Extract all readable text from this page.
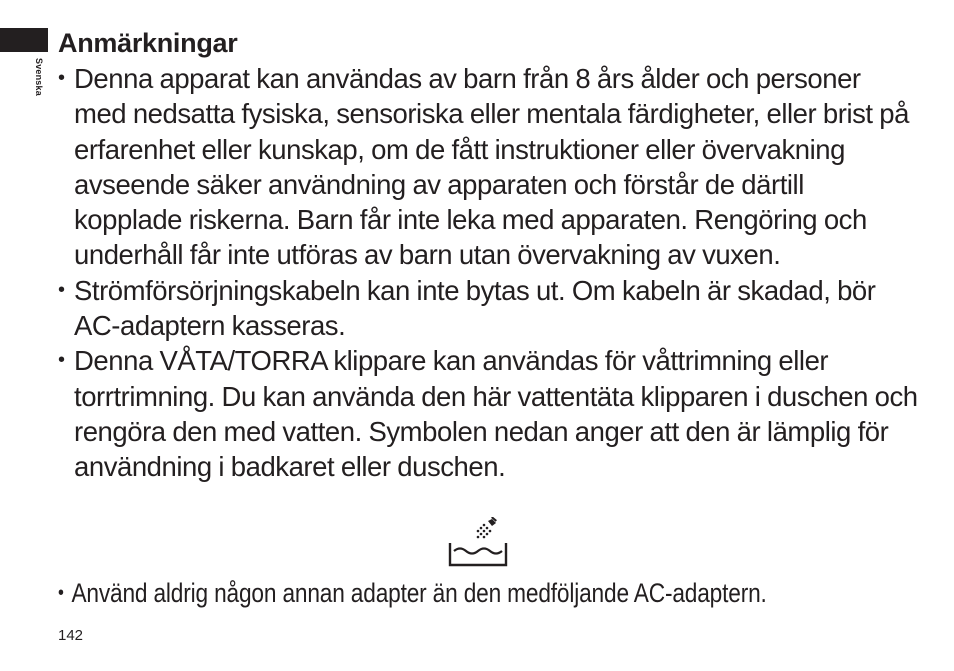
Svenska
Anmärkningar
• Denna apparat kan användas av barn från 8 års ålder och personer med nedsatta fysiska, sensoriska eller mentala färdigheter, eller brist på erfarenhet eller kunskap, om de fått instruktioner eller övervakning avseende säker användning av apparaten och förstår de därtill kopplade riskerna. Barn får inte leka med apparaten. Rengöring och underhåll får inte utföras av barn utan övervakning av vuxen.
• Strömförsörjningskabeln kan inte bytas ut. Om kabeln är skadad, bör AC-adaptern kasseras.
• Denna VÅTA/TORRA klippare kan användas för våttrimning eller torrtrimning. Du kan använda den här vattentäta klipparen i duschen och rengöra den med vatten. Symbolen nedan anger att den är lämplig för användning i badkaret eller duschen.

• Använd aldrig någon annan adapter än den medföljande AC-adaptern.

142
